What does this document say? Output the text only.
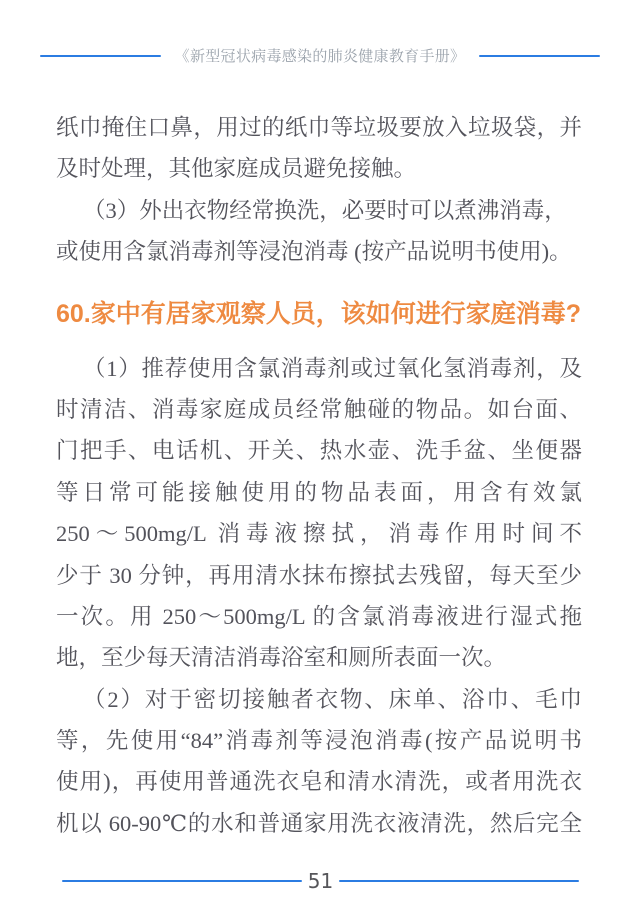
《新型冠状病毒感染的肺炎健康教育手册》
纸巾掩住口鼻，用过的纸巾等垃圾要放入垃圾袋，并
及时处理，其他家庭成员避免接触。
（3）外出衣物经常换洗，必要时可以煮沸消毒，
或使用含氯消毒剂等浸泡消毒 (按产品说明书使用)。
60.家中有居家观察人员，该如何进行家庭消毒?
（1）推荐使用含氯消毒剂或过氧化氢消毒剂，及
时清洁、消毒家庭成员经常触碰的物品。如台面、
门把手、电话机、开关、热水壶、洗手盆、坐便器
等日常可能接触使用的物品表面，用含有效氯
250～500mg/L 消毒液擦拭，消毒作用时间不
少于 30 分钟，再用清水抹布擦拭去残留，每天至少
一次。用 250～500mg/L 的含氯消毒液进行湿式拖
地，至少每天清洁消毒浴室和厕所表面一次。
（2）对于密切接触者衣物、床单、浴巾、毛巾
等，先使用“84”消毒剂等浸泡消毒(按产品说明书
使用)，再使用普通洗衣皂和清水清洗，或者用洗衣
机以 60-90℃的水和普通家用洗衣液清洗，然后完全
51
